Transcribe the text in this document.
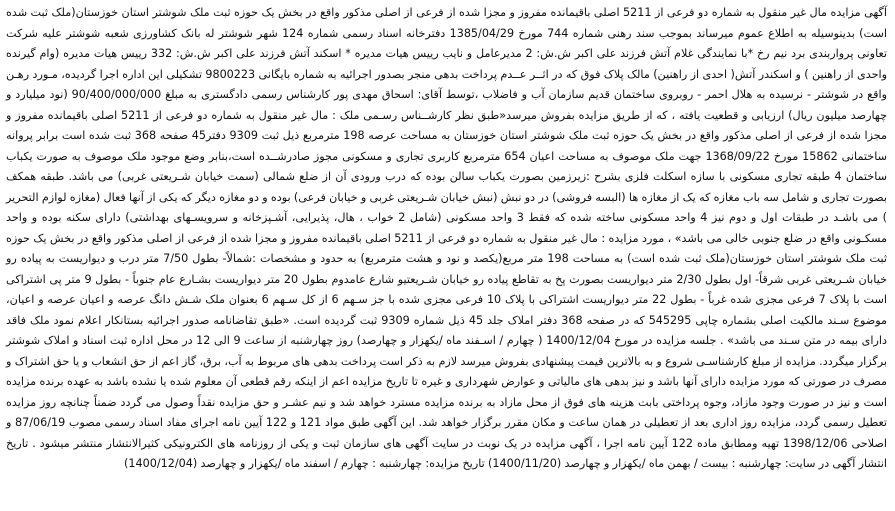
آگهی مزایده مال غیر منقول به شماره دو فرعی از 5211 اصلی باقیمانده مفروز و مجزا شده از فرعی از اصلی مذکور واقع در بخش یک حوزه ثبت ملک شوشتر استان خوزستان(ملک ثبت شده است) بدینوسیله به اطلاع عموم میرساند بموجب سند رهنی شماره 744 مورخ 1385/04/29 دفترخانه اسناد رسمی شماره 124 شهر شوشتر له بانک کشاورزی شعبه شوشتر علیه شرکت تعاونی پرواربندی برد نیم رخ *با نمایندگی غلام آتش فرزند علی اکبر ش.ش: 2 مدیرعامل و نایب رییس هیات مدیره * اسکند آتش فرزند علی اکبر ش.ش: 332 رییس هیات مدیره (وام گیرنده واحدی از راهنین ) و اسکندر آتش( احدی از راهنین) مالک پلاک فوق که در اثــر عــدم پرداخت بدهی منجر بصدور اجرائیه به شماره بایگانی 9800223 تشکیلی این اداره اجرا گردیده، مـورد رهـن واقع در شوشتر - نرسیده به هلال احمر - روبروی ساختمان قدیم سازمان آب و فاضلاب ،توسط آقای: اسحاق مهدی پور کارشناس رسمی دادگستری به مبلغ 90/400/000/000 (نود میلیارد و چهارصد میلیون ریال) ارزیابی و قطعیت یافته ، که از طریق مزایده بفروش میرسد«طبق نظر کارشــناس رسـمی ملک : مال غیر منقول به شماره دو فرعی از 5211 اصلی باقیمانده مفروز و مجزا شده از فرعی از اصلی مذکور واقع در بخش یک حوزه ثبت ملک شوشتر استان خوزستان به مساحت عرصه 198 مترمربع ذیل ثبت 9309 دفتر45 صفحه 368 ثبت شده است برابر پروانه ساختمانی 15862 مورخ 1368/09/22 جهت ملک موصوف به مساحت اعیان 654 مترمربع کاربری تجاری و مسکونی مجوز صادرشــده است،بنابر وضع موجود ملک موصوف به صورت یکباب ساختمان 4 طبقه تجاری مسکونی با سازه اسکلت فلزی بشرح :زیرزمین بصورت یکباب سالن بوده که درب ورودی آن از ضلع شمالی (سمت خیابان شـریعتی غربی) می باشد. طبقه همکف بصورت تجاری و شامل سه باب مغازه که یک از مغازه ها (البسه فروشی) در دو نبش (نبش خیابان شـریعتی غربی و خیابان فرعی) بوده و دو مغازه دیگر که یکی از آنها فعال (مغازه لوازم التحریر ) می باشـد در طبقات اول و دوم نیز 4 واحد مسکونی ساخته شده که فقط 3 واحد مسکونی (شامل 2 خواب ، هال، پذیرایی، آشـپزخانه و سرویسـهای بهداشتی) دارای سکنه بوده و واحد مسکـونی واقع در ضلع جنوبی خالی می باشد» ، مورد مزایده : مال غیر منقول به شماره دو فرعی از 5211 اصلی باقیمانده مفروز و مجزا شده از فرعی از اصلی مذکور واقع در بخش یک حوزه ثبت ملک شوشتر استان خوزستان(ملک ثبت شده است) به مساحت 198 متر مربع(یکصد و نود و هشت مترمربع) به حدود و مشخصات :شمالاً- بطول 7/50 متر درب و دیواریست به پیاده رو خیابان شـریعتی غربی شرقاً- اول بطول 2/30 متر دیواریست بصورت پخ به تقاطع پیاده رو خیابان شـریعتیو شارع عامدوم بطول 20 متر دیواریست بشـارع عام جنوباً - بطول 9 متر پی اشتراکی است با پلاک 7 فرعی مجزی شده غرباً - بطول 22 متر دیواریست اشتراکی با پلاک 10 فرعی مجزی شده با جز سـهم 6 از کل سـهم 6 بعنوان ملک شـش دانگ عرصه و اعیان عرصه و اعیان، موضوع سـند مالکیت اصلی بشماره چاپی 545295 که در صفحه 368 دفتر املاک جلد 45 ذیل شماره 9309 ثبت گردیده است. «طبق تقاضانامه صدور اجرائیه بستانکار اعلام نمود ملک فاقد دارای بیمه در متن سـند می باشد» . جلسه مزایده در مورخ 1400/12/04 ( چهارم / اسـفند ماه /یکهزار و چهارصد) روز چهارشنبه از ساعت 9 الی 12 در محل اداره ثبت اسناد و املاک شوشتر برگزار میگردد. مزایده از مبلغ کارشناسـی شروع و به بالاترین قیمت پیشنهادی بفروش میرسد لازم به ذکر است پرداخت بدهی های مربوط به آب، برق، گاز اعم از حق انشعاب و یا حق اشتراک و مصرف در صورتی که مورد مزایده دارای آنها باشد و نیز بدهی های مالیاتی و عوارض شهرداری و غیره تا تاریخ مزایده اعم از اینکه رقم قطعی آن معلوم شده یا نشده باشد به عهده برنده مزایده است و نیز در صورت وجود مازاد، وجوه پرداختی بابت هزینه های فوق از محل مازاد به برنده مزایده مسترد خواهد شد و نیم عشـر و حق مزایده نقداً وصول می گردد ضمناً چنانچه روز مزایده تعطیل رسمی گردد، مزایده روز اداری بعد از تعطیلی در همان ساعت و مکان مقرر برگزار خواهد شد. این آگهی طبق مواد 121 و 122 آیین نامه اجرای مفاد اسناد رسمی مصوب 87/06/19 و اصلاحی 1398/12/06 تهیه ومطابق ماده 122 آیین نامه اجرا ، آگهی مزایده در یک نوبت در سایت آگهی های سازمان ثبت و یکی از روزنامه های الکترونیکی کثیرالانتشار منتشر میشود . تاریخ انتشار آگهی در سایت: چهارشنبه : بیست / بهمن ماه /یکهزار و چهارصد (1400/11/20) تاریخ مزایده: چهارشنبه : چهارم / اسفند ماه /یکهزار و چهارصد (1400/12/04)
